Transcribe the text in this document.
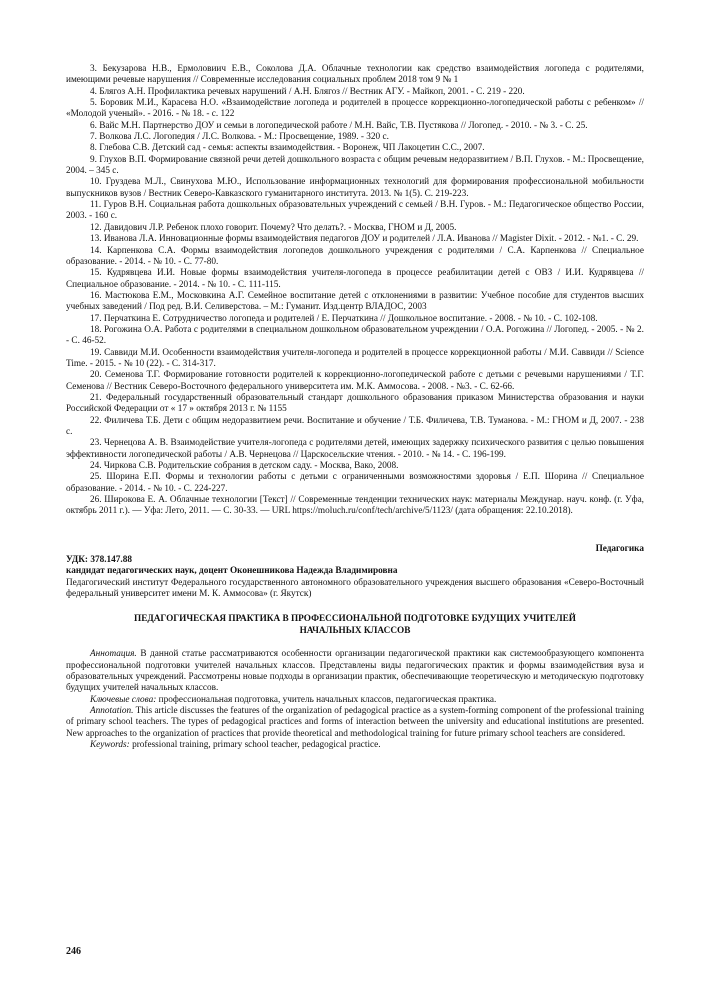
3. Бекузарова Н.В., Ермоловиич Е.В., Соколова Д.А. Облачные технологии как средство взаимодействия логопеда с родителями, имеющими речевые нарушения // Современные исследования социальных проблем 2018 том 9 № 1

4. Блягоз А.Н. Профилактика речевых нарушений / А.Н. Блягоз // Вестник АГУ. - Майкоп, 2001. - С. 219 - 220.

5. Боровик М.И., Карасева Н.О. «Взаимодействие логопеда и родителей в процессе коррекционно-логопедической работы с ребенком» // «Молодой ученый». - 2016. - № 18. - с. 122

6. Вайс М.Н. Партнерство ДОУ и семьи в логопедической работе / М.Н. Вайс, Т.В. Пустякова // Логопед. - 2010. - № 3. - С. 25.

7. Волкова Л.С. Логопедия / Л.С. Волкова. - М.: Просвещение, 1989. - 320 с.

8. Глебова С.В. Детский сад - семья: аспекты взаимодействия. - Воронеж, ЧП Лакоцетин С.С., 2007.

9. Глухов В.П. Формирование связной речи детей дошкольного возраста с общим речевым недоразвитием / В.П. Глухов. - М.: Просвещение, 2004. – 345 с.

10. Груздева М.Л., Свинухова М.Ю., Использование информационных технологий для формирования профессиональной мобильности выпускников вузов / Вестник Северо-Кавказского гуманитарного института. 2013. № 1(5). С. 219-223.

11. Гуров В.Н. Социальная работа дошкольных образовательных учреждений с семьей / В.Н. Гуров. - М.: Педагогическое общество России, 2003. - 160 с.

12. Давидович Л.Р. Ребенок плохо говорит. Почему? Что делать?. - Москва, ГНОМ и Д, 2005.

13. Иванова Л.А. Инновационные формы взаимодействия педагогов ДОУ и родителей / Л.А. Иванова // Magister Dixit. - 2012. - №1. - С. 29.

14. Карпенкова С.А. Формы взаимодействия логопедов дошкольного учреждения с родителями / С.А. Карпенкова // Специальное образование. - 2014. - № 10. - С. 77-80.

15. Кудрявцева И.И. Новые формы взаимодействия учителя-логопеда в процессе реабилитации детей с ОВЗ / И.И. Кудрявцева // Специальное образование. - 2014. - № 10. - С. 111-115.

16. Мастюкова Е.М., Московкина А.Г. Семейное воспитание детей с отклонениями в развитии: Учебное пособие для студентов высших учебных заведений / Под ред. В.И. Селиверстова. – М.: Гуманит. Изд.центр ВЛАДОС, 2003

17. Перчаткина Е. Сотрудничество логопеда и родителей / Е. Перчаткина // Дошкольное воспитание. - 2008. - № 10. - С. 102-108.

18. Рогожина О.А. Работа с родителями в специальном дошкольном образовательном учреждении / О.А. Рогожина // Логопед. - 2005. - № 2. - С. 46-52.

19. Саввиди М.И. Особенности взаимодействия учителя-логопеда и родителей в процессе коррекционной работы / М.И. Саввиди // Science Time. - 2015. - № 10 (22). - С. 314-317.

20. Семенова Т.Г. Формирование готовности родителей к коррекционно-логопедической работе с детьми с речевыми нарушениями / Т.Г. Семенова // Вестник Северо-Восточного федерального университета им. М.К. Аммосова. - 2008. - №3. - С. 62-66.

21. Федеральный государственный образовательный стандарт дошкольного образования приказом Министерства образования и науки Российской Федерации от « 17 » октября 2013 г. № 1155

22. Филичева Т.Б. Дети с общим недоразвитием речи. Воспитание и обучение / Т.Б. Филичева, Т.В. Туманова. - М.: ГНОМ и Д, 2007. - 238 с.

23. Чернецова А. В. Взаимодействие учителя-логопеда с родителями детей, имеющих задержку психического развития с целью повышения эффективности логопедической работы / А.В. Чернецова // Царскосельские чтения. - 2010. - № 14. - С. 196-199.

24. Чиркова С.В. Родительские собрания в детском саду. - Москва, Вако, 2008.

25. Шорина Е.П. Формы и технологии работы с детьми с ограниченными возможностями здоровья / Е.П. Шорина // Специальное образование. - 2014. - № 10. - С. 224-227.

26. Широкова Е. А. Облачные технологии [Текст] // Современные тенденции технических наук: материалы Междунар. науч. конф. (г. Уфа, октябрь 2011 г.). — Уфа: Лето, 2011. — С. 30-33. — URL https://moluch.ru/conf/tech/archive/5/1123/ (дата обращения: 22.10.2018).

Педагогика

УДК: 378.147.88

кандидат педагогических наук, доцент Оконешникова Надежда Владимировна

Педагогический институт Федерального государственного автономного образовательного учреждения высшего образования «Северо-Восточный федеральный университет имени М. К. Аммосова» (г. Якутск)

ПЕДАГОГИЧЕСКАЯ ПРАКТИКА В ПРОФЕССИОНАЛЬНОЙ ПОДГОТОВКЕ БУДУЩИХ УЧИТЕЛЕЙ НАЧАЛЬНЫХ КЛАССОВ

Аннотация. В данной статье рассматриваются особенности организации педагогической практики как системообразующего компонента профессиональной подготовки учителей начальных классов. Представлены виды педагогических практик и формы взаимодействия вуза и образовательных учреждений. Рассмотрены новые подходы в организации практик, обеспечивающие теоретическую и методическую подготовку будущих учителей начальных классов.

Ключевые слова: профессиональная подготовка, учитель начальных классов, педагогическая практика.

Annotation. This article discusses the features of the organization of pedagogical practice as a system-forming component of the professional training of primary school teachers. The types of pedagogical practices and forms of interaction between the university and educational institutions are presented. New approaches to the organization of practices that provide theoretical and methodological training for future primary school teachers are considered.

Keywords: professional training, primary school teacher, pedagogical practice.

246
